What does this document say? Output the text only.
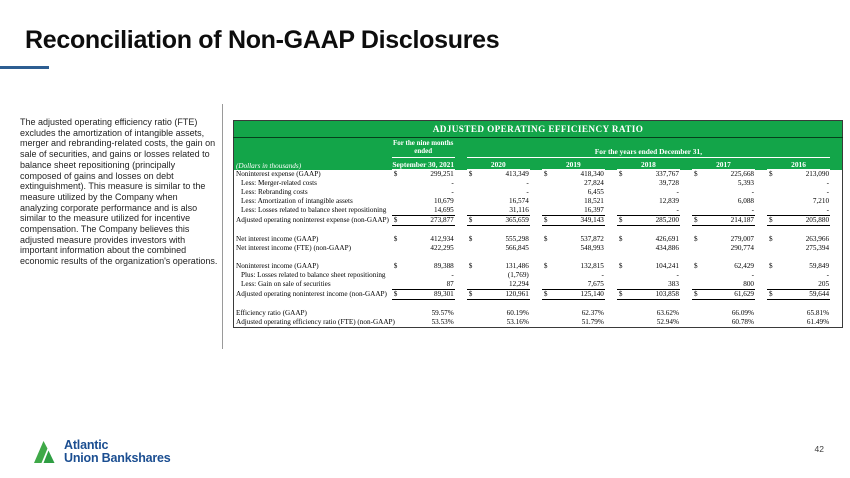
Reconciliation of Non-GAAP Disclosures
The adjusted operating efficiency ratio (FTE) excludes the amortization of intangible assets, merger and rebranding-related costs, the gain on sale of securities, and gains or losses related to balance sheet repositioning (principally composed of gains and losses on debt extinguishment). This measure is similar to the measure utilized by the Company when analyzing corporate performance and is also similar to the measure utilized for incentive compensation. The Company believes this adjusted measure provides investors with important information about the combined economic results of the organization's operations.
ADJUSTED OPERATING EFFICIENCY RATIO																		
	For the nine months ended			For the years ended December 31,														
(Dollars in thousands)	September 30, 2021			2020			2019			2018			2017			2016		
Noninterest expense (GAAP)	$	299,251		$	413,349		$	418,340		$	337,767		$	225,668		$	213,090	
Less: Merger-related costs		-			-			27,824			39,728			5,393			-	
Less: Rebranding costs		-			-			6,455			-			-			-	
Less: Amortization of intangible assets		10,679			16,574			18,521			12,839			6,088			7,210	
Less: Losses related to balance sheet repositioning		14,695			31,116			16,397			-			-			-	
Adjusted operating noninterest expense (non-GAAP)	$	273,877		$	365,659		$	349,143		$	285,200		$	214,187		$	205,880	

Net interest income (GAAP)	$	412,934		$	555,298		$	537,872		$	426,691		$	279,007		$	263,966	
Net interest income (FTE) (non-GAAP)		422,295			566,845			548,993			434,886			290,774			275,394	

Noninterest income (GAAP)	$	89,388		$	131,486		$	132,815		$	104,241		$	62,429		$	59,849	
Plus: Losses related to balance sheet repositioning		-			(1,769)			-			-			-			-	
Less: Gain on sale of securities		87			12,294			7,675			383			800			205	
Adjusted operating noninterest income (non-GAAP)	$	89,301		$	120,961		$	125,140		$	103,858		$	61,629		$	59,644	

Efficiency ratio (GAAP)		59.57%			60.19%			62.37%			63.62%			66.09%			65.81%	
Adjusted operating efficiency ratio (FTE) (non-GAAP)		53.53%			53.16%			51.79%			52.94%			60.78%			61.49%	
Atlantic
Union Bankshares
42
